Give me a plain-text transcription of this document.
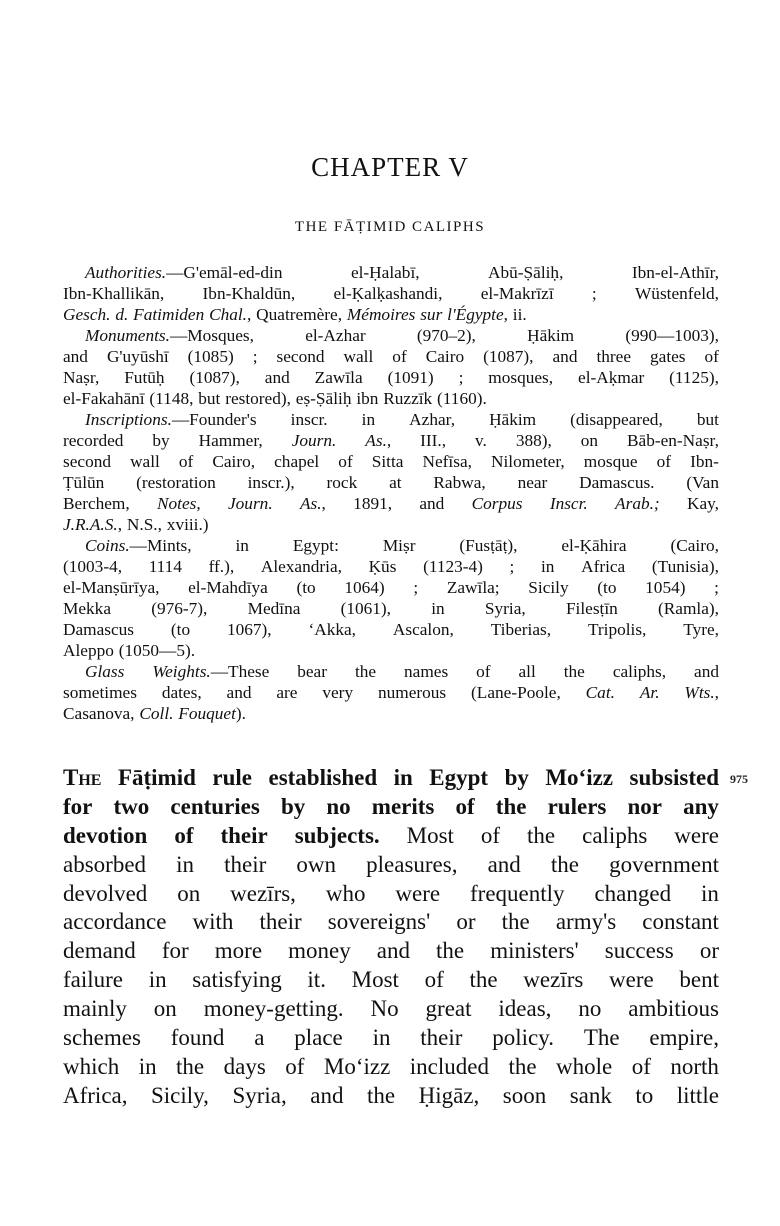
CHAPTER V
THE FĀṬIMID CALIPHS
Authorities.—G'emāl-ed-din	el-Ḥalabī,	Abū-Ṣāliḥ,	Ibn-el-Athīr,
Ibn-Khallikān, Ibn-Khaldūn, el-Ḳalḳashandi, el-Makrīzī ; Wüstenfeld,
Gesch. d. Fatimiden Chal., Quatremère, Mémoires sur l'Égypte, ii.
Monuments.—Mosques,	el-Azhar	(970–2),	Ḥākim	(990—1003),
and G'uyūshī (1085) ; second wall of Cairo (1087), and three gates of
Naṣr, Futūḥ (1087), and Zawīla (1091) ; mosques, el-Aḳmar (1125),
el-Fakahānī (1148, but restored), eṣ-Ṣāliḥ ibn Ruzzīk (1160).
Inscriptions.—Founder's inscr. in Azhar, Ḥākim (disappeared, but
recorded by Hammer, Journ. As., III., v. 388), on Bāb-en-Naṣr,
second wall of Cairo, chapel of Sitta Nefīsa, Nilometer, mosque of Ibn-
Ṭūlūn (restoration inscr.), rock at Rabwa, near Damascus. (Van
Berchem, Notes, Journ. As., 1891, and Corpus Inscr. Arab.; Kay,
J.R.A.S., N.S., xviii.)
Coins.—Mints,	in	Egypt:	Miṣr	(Fusṭāṭ),	el-Ḳāhira	(Cairo,
(1003-4, 1114 ff.), Alexandria, Ḳūs (1123-4) ; in Africa (Tunisia),
el-Manṣūrīya, el-Mahdīya (to 1064) ; Zawīla; Sicily (to 1054) ;
Mekka (976-7), Medīna (1061), in Syria, Filesṭīn (Ramla),
Damascus (to 1067), ‘Akka, Ascalon, Tiberias, Tripolis, Tyre,
Aleppo (1050—5).
Glass Weights.—These bear the names of all the caliphs, and
sometimes dates, and are very numerous (Lane-Poole, Cat. Ar. Wts.,
Casanova, Coll. Fouquet).
The Fāṭimid rule established in Egypt by Mo‘izz subsisted
for two centuries by no merits of the rulers nor any
devotion of their subjects. Most of the caliphs were
absorbed in their own pleasures, and the government
devolved on wezīrs, who were frequently changed in
accordance with their sovereigns' or the army's constant
demand for more money and the ministers' success or
failure in satisfying it. Most of the wezīrs were bent
mainly on money-getting. No great ideas, no ambitious
schemes found a place in their policy. The empire,
which in the days of Mo‘izz included the whole of north
Africa, Sicily, Syria, and the Ḥigāz, soon sank to little
975
